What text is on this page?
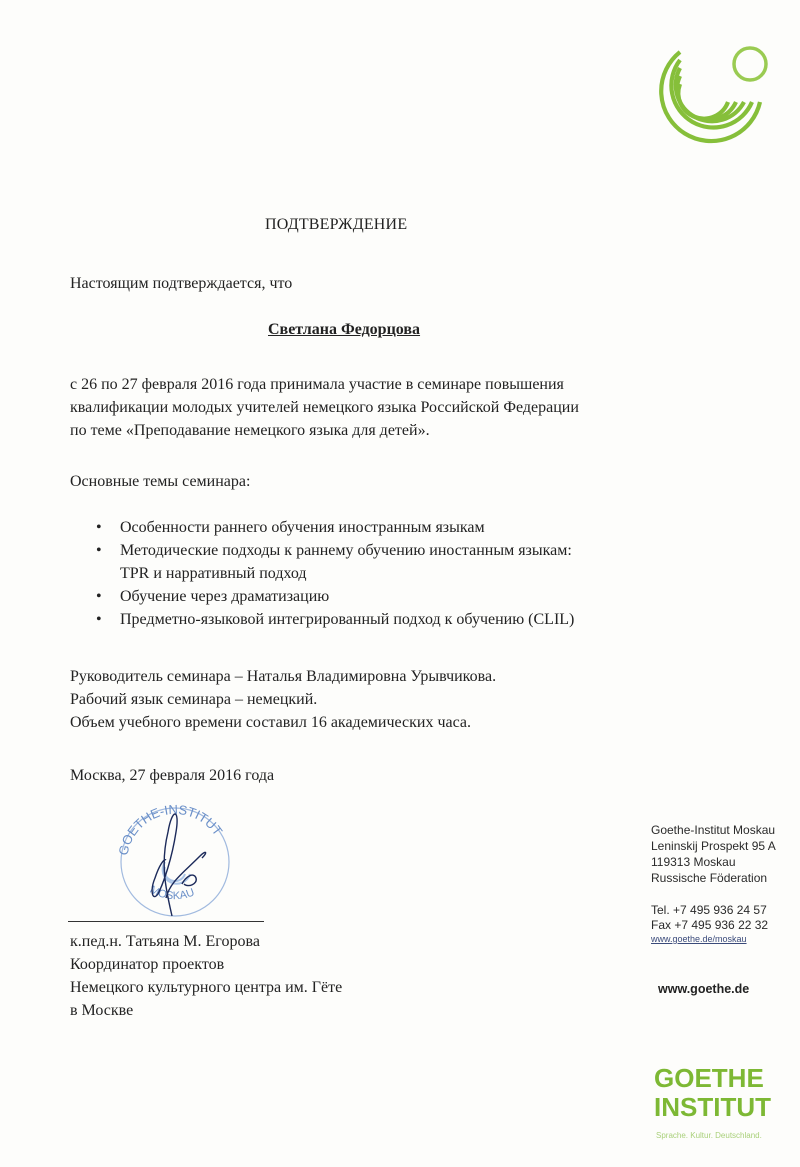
ПОДТВЕРЖДЕНИЕ
Настоящим подтверждается, что
Светлана Федорцова
с 26 по 27 февраля 2016 года принимала участие в семинаре повышения
квалификации молодых учителей немецкого языка Российской Федерации
по теме «Преподавание немецкого языка для детей».
Основные темы семинара:
• Особенности раннего обучения иностранным языкам
• Методические подходы к раннему обучению иностанным языкам:
TPR и нарративный подход
• Обучение через драматизацию
• Предметно-языковой интегрированный подход к обучению (CLIL)
Руководитель семинара – Наталья Владимировна Урывчикова.
Рабочий язык семинара – немецкий.
Объем учебного времени составил 16 академических часа.
Москва, 27 февраля 2016 года
GOETHE-INSTITUT
MOSKAU
к.пед.н. Татьяна М. Егорова
Координатор проектов
Немецкого культурного центра им. Гёте
в Москве
Goethe-Institut Moskau
Leninskij Prospekt 95 A
119313 Moskau
Russische Föderation
Tel. +7 495 936 24 57
Fax +7 495 936 22 32
www.goethe.de/moskau
www.goethe.de
GOETHE
INSTITUT
Sprache. Kultur. Deutschland.
